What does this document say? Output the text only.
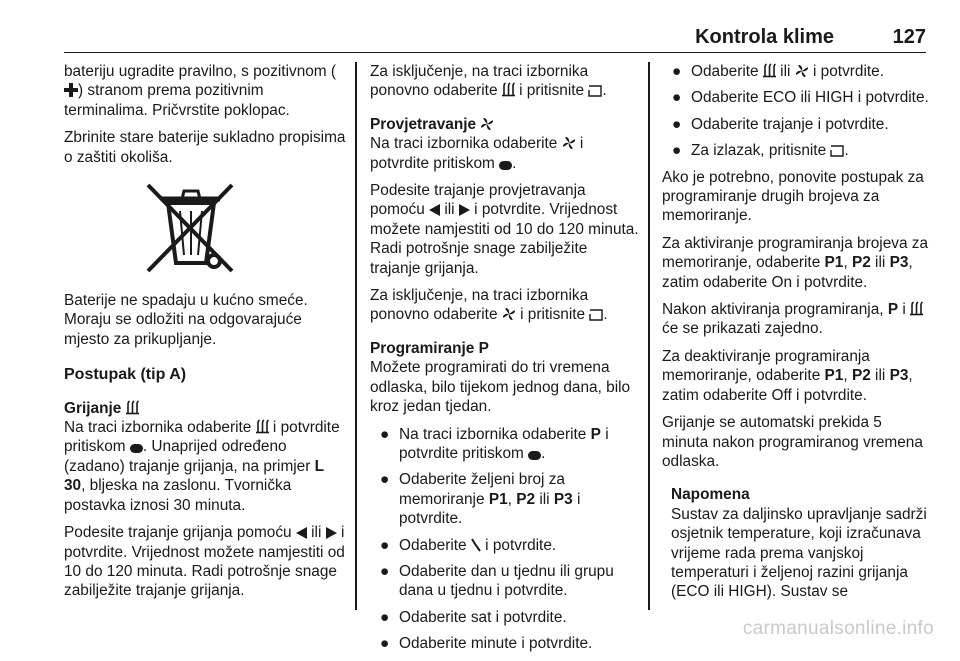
Kontrola klime	127

bateriju ugradite pravilno, s pozitivnom () stranom prema pozitivnim terminalima. Pričvrstite poklopac.

Zbrinite stare baterije sukladno propisima o zaštiti okoliša.

Baterije ne spadaju u kućno smeće. Moraju se odložiti na odgovarajuće mjesto za prikupljanje.

Postupak (tip A)
Grijanje

Na traci izbornika odaberite i potvrdite pritiskom . Unaprijed određeno (zadano) trajanje grijanja, na primjer L 30, bljeska na zaslonu. Tvornička postavka iznosi 30 minuta.

Podesite trajanje grijanja pomoću ili i potvrdite. Vrijednost možete namjestiti od 10 do 120 minuta. Radi potrošnje snage zabilježite trajanje grijanja.

Za isključenje, na traci izbornika ponovno odaberite i pritisnite .

Provjetravanje

Na traci izbornika odaberite i potvrdite pritiskom .

Podesite trajanje provjetravanja pomoću ili i potvrdite. Vrijednost možete namjestiti od 10 do 120 minuta. Radi potrošnje snage zabilježite trajanje grijanja.

Za isključenje, na traci izbornika ponovno odaberite i pritisnite .

Programiranje P

Možete programirati do tri vremena odlaska, bilo tijekom jednog dana, bilo kroz jedan tjedan.

● Na traci izbornika odaberite P i potvrdite pritiskom .
● Odaberite željeni broj za memoriranje P1, P2 ili P3 i potvrdite.
● Odaberite i potvrdite.
● Odaberite dan u tjednu ili grupu dana u tjednu i potvrdite.
● Odaberite sat i potvrdite.
● Odaberite minute i potvrdite.
● Odaberite ili i potvrdite.
● Odaberite ECO ili HIGH i potvrdite.
● Odaberite trajanje i potvrdite.
● Za izlazak, pritisnite .

Ako je potrebno, ponovite postupak za programiranje drugih brojeva za memoriranje.

Za aktiviranje programiranja brojeva za memoriranje, odaberite P1, P2 ili P3, zatim odaberite On i potvrdite.

Nakon aktiviranja programiranja, P i  će se prikazati zajedno.

Za deaktiviranje programiranja memoriranje, odaberite P1, P2 ili P3, zatim odaberite Off i potvrdite.

Grijanje se automatski prekida 5 minuta nakon programiranog vremena odlaska.

Napomena
Sustav za daljinsko upravljanje sadrži osjetnik temperature, koji izračunava vrijeme rada prema vanjskoj temperaturi i željenoj razini grijanja (ECO ili HIGH). Sustav se
carmanualsonline.info
